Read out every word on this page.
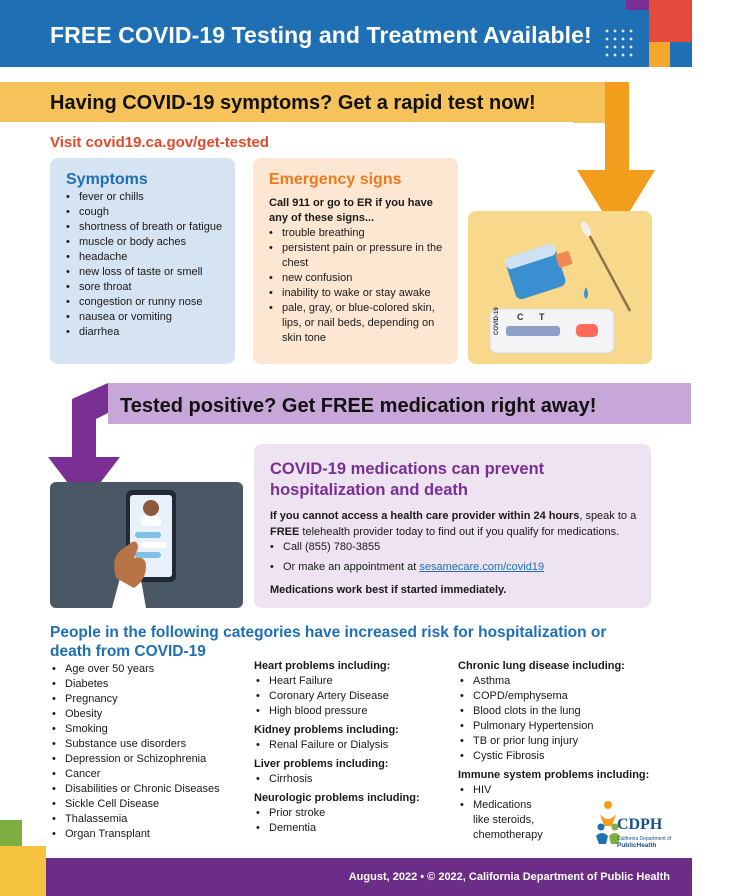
FREE COVID-19 Testing and Treatment Available!
Having COVID-19 symptoms? Get a rapid test now!
Visit covid19.ca.gov/get-tested
Symptoms
• fever or chills
• cough
• shortness of breath or fatigue
• muscle or body aches
• headache
• new loss of taste or smell
• sore throat
• congestion or runny nose
• nausea or vomiting
• diarrhea
Emergency signs
Call 911 or go to ER if you have any of these signs...
• trouble breathing
• persistent pain or pressure in the chest
• new confusion
• inability to wake or stay awake
• pale, gray, or blue-colored skin, lips, or nail beds, depending on skin tone
COVID-19 C T
Tested positive? Get FREE medication right away!
COVID-19 medications can prevent hospitalization and death
If you cannot access a health care provider within 24 hours, speak to a FREE telehealth provider today to find out if you qualify for medications.
• Call (855) 780-3855
• Or make an appointment at sesamecare.com/covid19
Medications work best if started immediately.
People in the following categories have increased risk for hospitalization or death from COVID-19
• Age over 50 years
• Diabetes
• Pregnancy
• Obesity
• Smoking
• Substance use disorders
• Depression or Schizophrenia
• Cancer
• Disabilities or Chronic Diseases
• Sickle Cell Disease
• Thalassemia
• Organ Transplant
Heart problems including:
• Heart Failure
• Coronary Artery Disease
• High blood pressure
Kidney problems including:
• Renal Failure or Dialysis
Liver problems including:
• Cirrhosis
Neurologic problems including:
• Prior stroke
• Dementia
Chronic lung disease including:
• Asthma
• COPD/emphysema
• Blood clots in the lung
• Pulmonary Hypertension
• TB or prior lung injury
• Cystic Fibrosis
Immune system problems including:
• HIV
• Medications like steroids, chemotherapy
CDPH
California Department of
PublicHealth
August, 2022 • © 2022, California Department of Public Health
